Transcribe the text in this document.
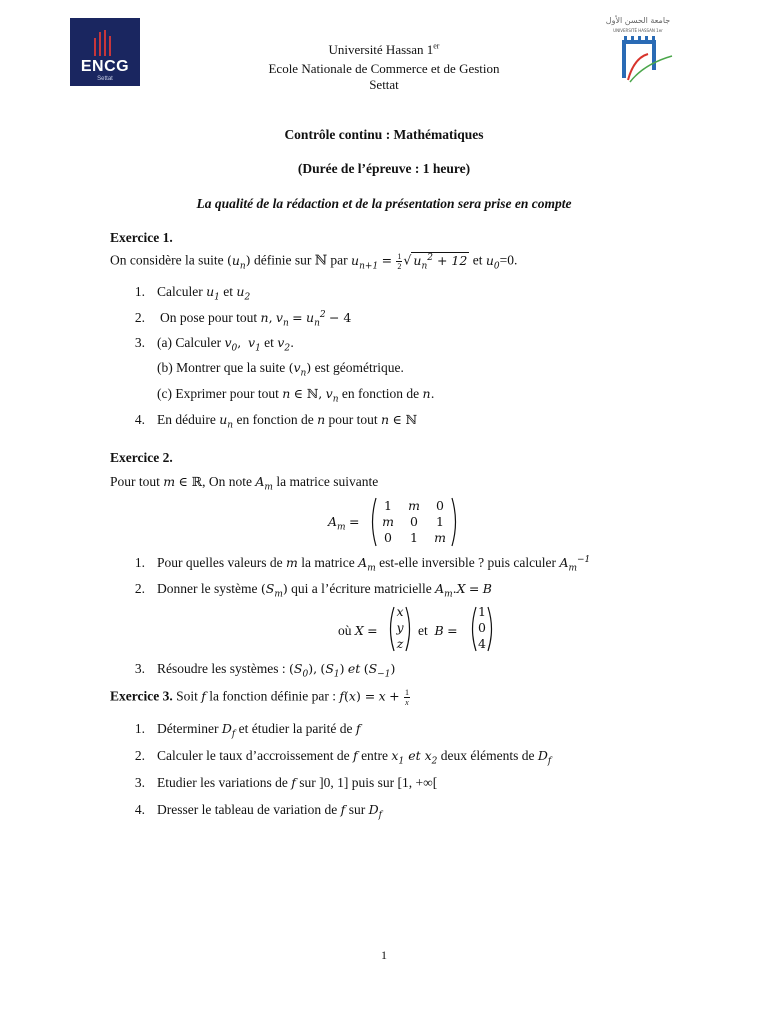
ENCG
Settat
جامعة الحسن الأول
UNIVERSITÉ HASSAN 1er
Université Hassan 1er
Ecole Nationale de Commerce et de Gestion
Settat
Contrôle continu : Mathématiques
(Durée de l’épreuve : 1 heure)
La qualité de la rédaction et de la présentation sera prise en compte
Exercice 1.
On considère la suite $(u_n)$ définie sur ℕ par $u_{n+1} = \frac{1}{2}$ √ $u_n^2 + 12$ et $u_0=0$.
1. Calculer $u_1$ et $u_2$
2. On pose pour tout n, $v_n = u_n^2 - 4$
3. (a) Calculer $v_0$, $v_1$ et $v_2$.
(b) Montrer que la suite $(v_n)$ est géométrique.
(c) Exprimer pour tout n ∈ ℕ, $v_n$ en fonction de n.
4. En déduire $u_n$ en fonction de n pour tout n ∈ ℕ
Exercice 2.
Pour tout m ∈ ℝ, On note $A_m$ la matrice suivante
$A_m$ =
1	m	0
m	0	1
0	1	m
1. Pour quelles valeurs de m la matrice $A_m$ est-elle inversible ? puis calculer $A_m^{-1}$
2. Donner le système $(S_m)$ qui a l’écriture matricielle $A_m.X = B$
où X =
x
y
z
et B =
1
0
4
3. Résoudre les systèmes : $(S_0)$, $(S_1)$ et $(S_{-1})$
Exercice 3. Soit f la fonction définie par : $f(x) = x + \frac{1}{x}$
1. Déterminer $D_f$ et étudier la parité de f
2. Calculer le taux d’accroissement de f entre $x_1$ et $x_2$ deux éléments de $D_f$
3. Etudier les variations de f sur ]0, 1] puis sur [1, +∞[
4. Dresser le tableau de variation de f sur $D_f$
1
